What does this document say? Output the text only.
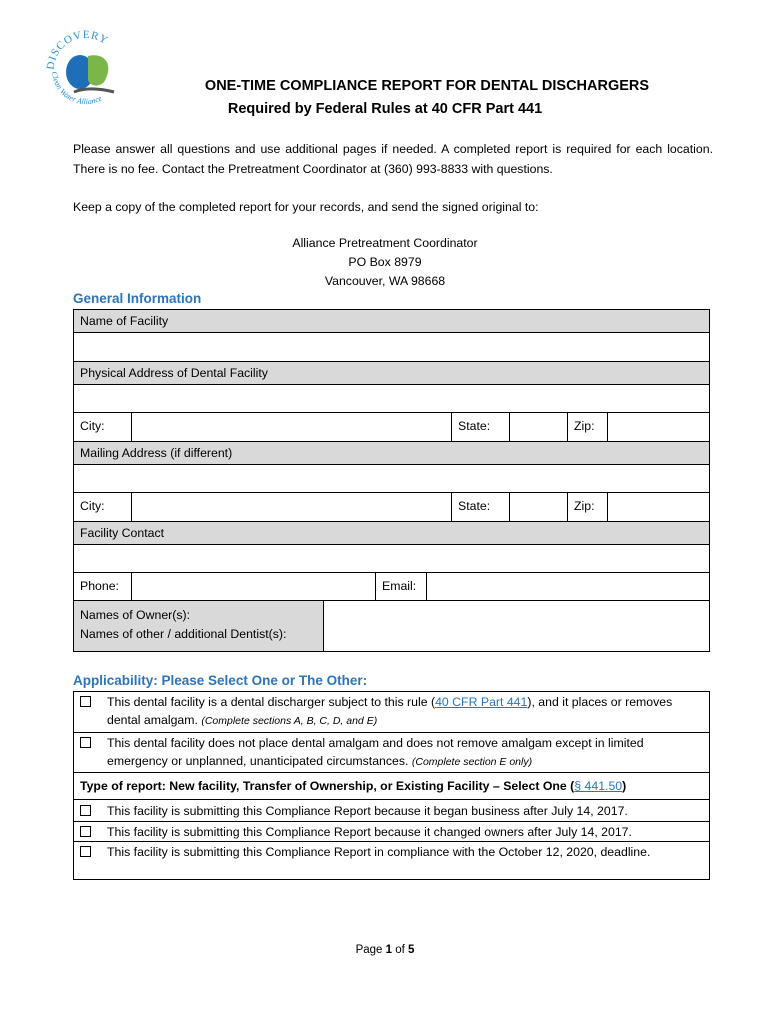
DISCOVERY
Clean Water Alliance
ONE-TIME COMPLIANCE REPORT FOR DENTAL DISCHARGERS
Required by Federal Rules at 40 CFR Part 441
Please answer all questions and use additional pages if needed. A completed report is required for each location. There is no fee. Contact the Pretreatment Coordinator at (360) 993-8833 with questions.
Keep a copy of the completed report for your records, and send the signed original to:
Alliance Pretreatment Coordinator
PO Box 8979
Vancouver, WA 98668
General Information
Name of Facility
Physical Address of Dental Facility
City:	State:	Zip:
Mailing Address (if different)
City:	State:	Zip:
Facility Contact
Phone:	Email:
Names of Owner(s):
Names of other / additional Dentist(s):
Applicability: Please Select One or The Other:
This dental facility is a dental discharger subject to this rule (40 CFR Part 441), and it places or removes dental amalgam. (Complete sections A, B, C, D, and E)
This dental facility does not place dental amalgam and does not remove amalgam except in limited emergency or unplanned, unanticipated circumstances. (Complete section E only)
Type of report: New facility, Transfer of Ownership, or Existing Facility – Select One (§ 441.50)
This facility is submitting this Compliance Report because it began business after July 14, 2017.
This facility is submitting this Compliance Report because it changed owners after July 14, 2017.
This facility is submitting this Compliance Report in compliance with the October 12, 2020, deadline.
Page 1 of 5
